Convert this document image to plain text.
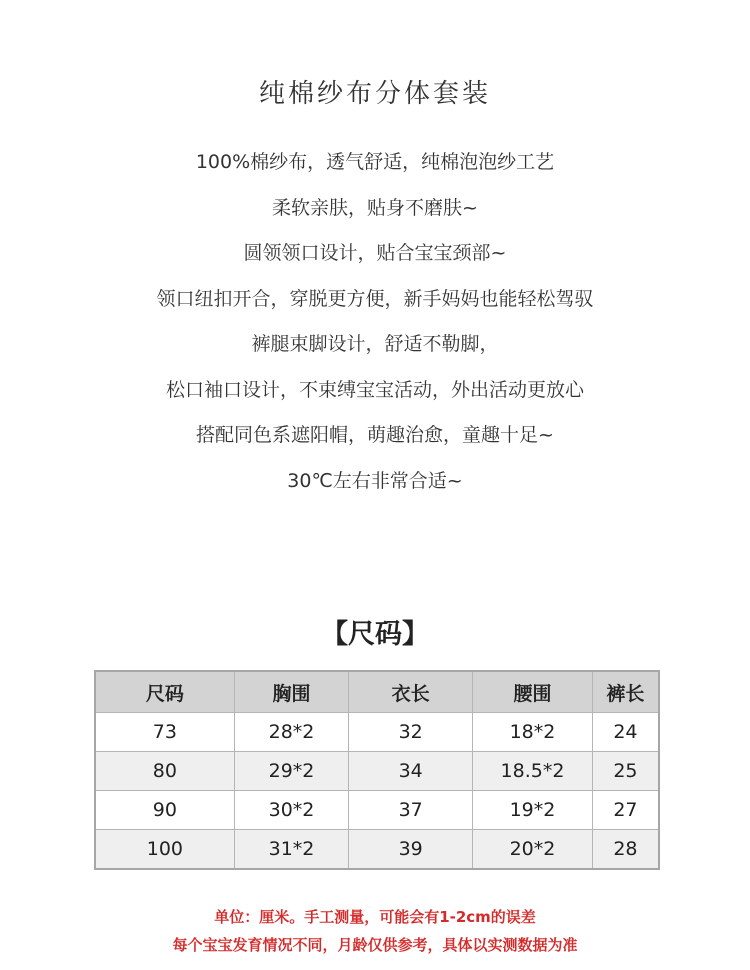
纯棉纱布分体套装
100%棉纱布，透气舒适，纯棉泡泡纱工艺
柔软亲肤，贴身不磨肤~
圆领领口设计，贴合宝宝颈部~
领口纽扣开合，穿脱更方便，新手妈妈也能轻松驾驭
裤腿束脚设计，舒适不勒脚，
松口袖口设计，不束缚宝宝活动，外出活动更放心
搭配同色系遮阳帽，萌趣治愈，童趣十足~
30℃左右非常合适~
【尺码】
尺码	胸围	衣长	腰围	裤长
73	28*2	32	18*2	24
80	29*2	34	18.5*2	25
90	30*2	37	19*2	27
100	31*2	39	20*2	28
单位：厘米。手工测量，可能会有1-2cm的误差
每个宝宝发育情况不同，月龄仅供参考，具体以实测数据为准
